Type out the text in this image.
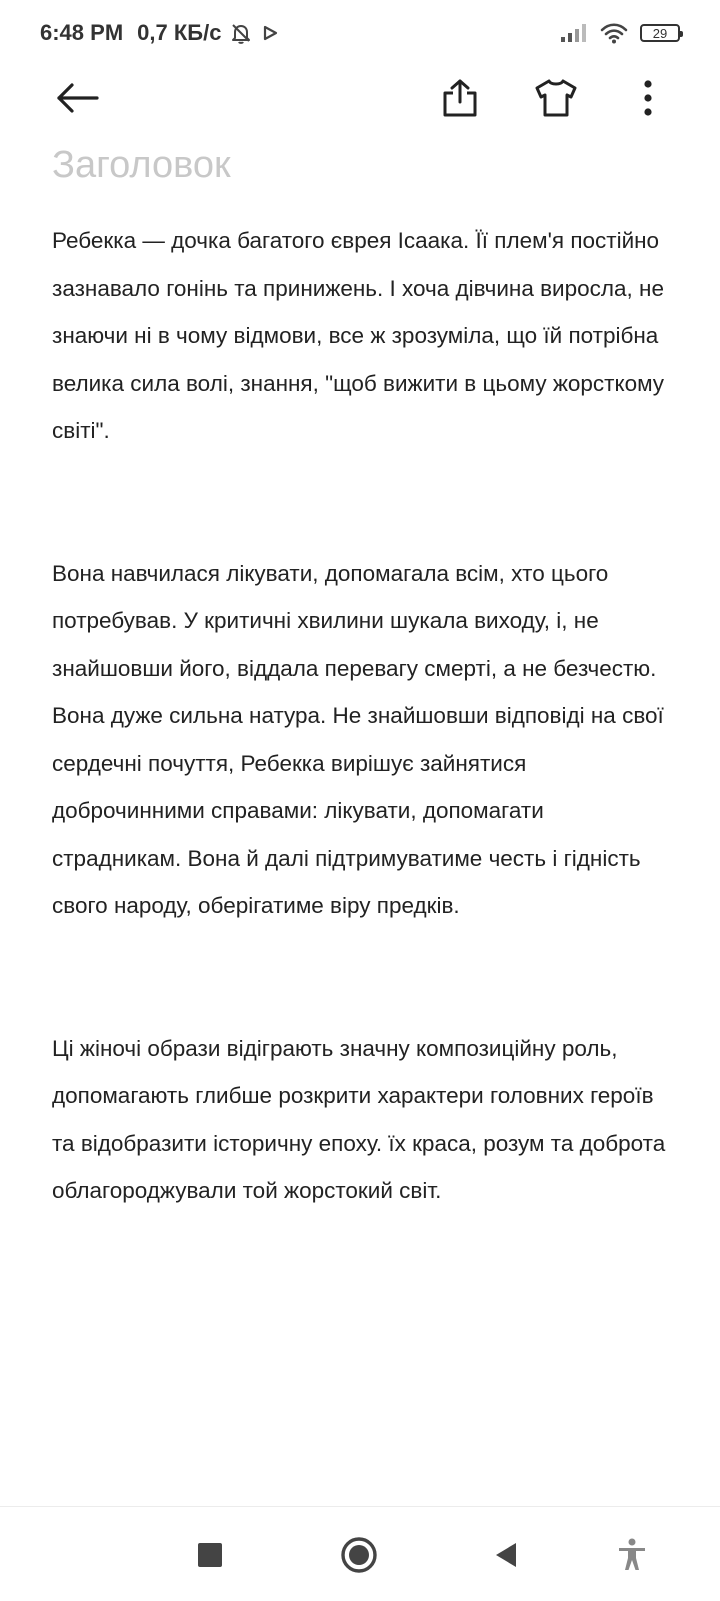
6:48 PM 0,7 КБ/с	29
Заголовок

Ребекка — дочка багатого єврея Ісаака. Її плем'я постійно зазнавало гонінь та принижень. І хоча дівчина виросла, не знаючи ні в чому відмови, все ж зрозуміла, що їй потрібна велика сила волі, знання, "щоб вижити в цьому жорсткому світі".

Вона навчилася лікувати, допомагала всім, хто цього потребував. У критичні хвилини шукала виходу, і, не знайшовши його, віддала перевагу смерті, а не безчестю. Вона дуже сильна натура. Не знайшовши відповіді на свої сердечні почуття, Ребекка вирішує зайнятися доброчинними справами: лікувати, допомагати страдникам. Вона й далі підтримуватиме честь і гідність свого народу, оберігатиме віру предків.

Ці жіночі образи відіграють значну композиційну роль, допомагають глибше розкрити характери головних героїв та відобразити історичну епоху. їх краса, розум та доброта облагороджували той жорстокий світ.
